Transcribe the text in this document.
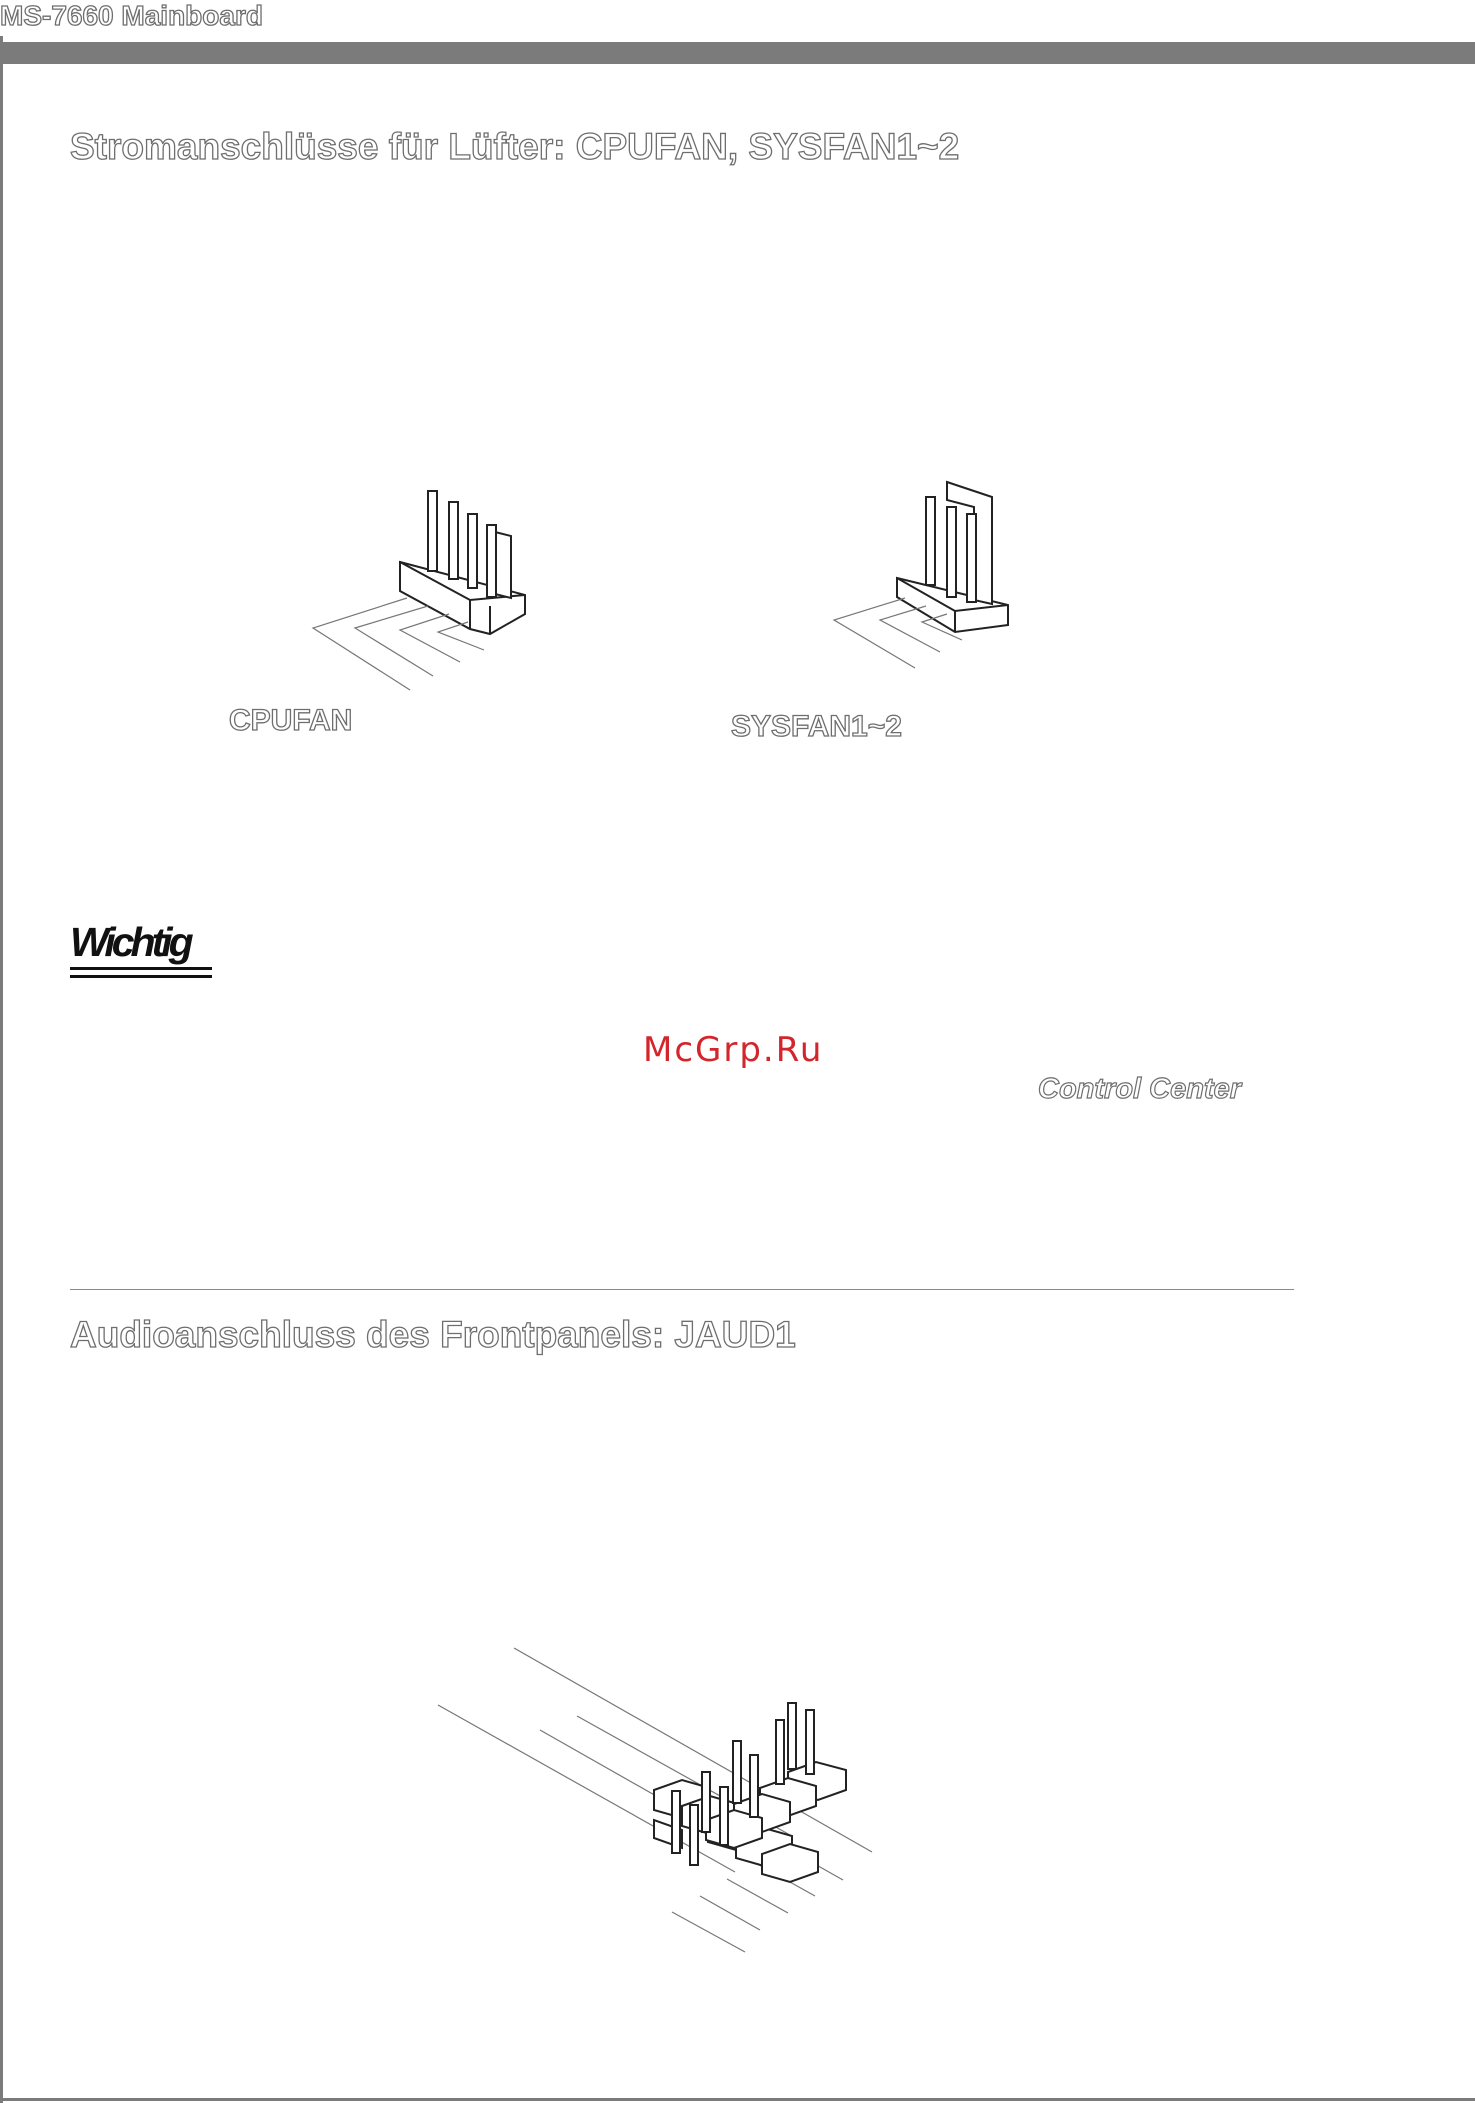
MS-7660 Mainboard
Stromanschlüsse für Lüfter: CPUFAN, SYSFAN1~2
CPUFAN	SYSFAN1~2
Wichtig
McGrp.Ru
Control Center
Audioanschluss des Frontpanels: JAUD1
